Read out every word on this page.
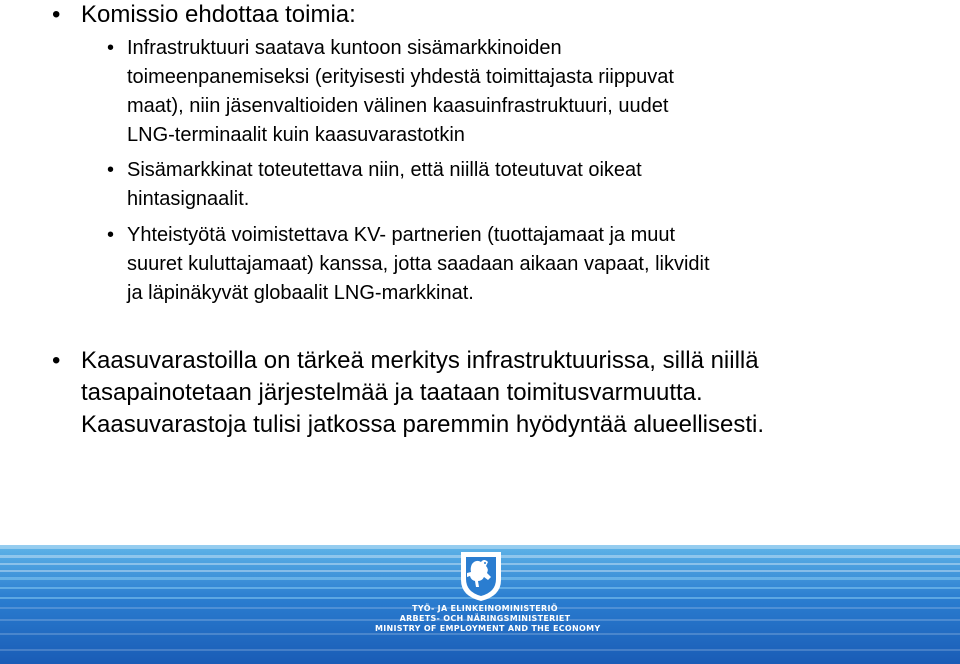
• Komissio ehdottaa toimia:
• Infrastruktuuri saatava kuntoon sisämarkkinoiden
toimeenpanemiseksi (erityisesti yhdestä toimittajasta riippuvat
maat), niin jäsenvaltioiden välinen kaasuinfrastruktuuri, uudet
LNG-terminaalit kuin kaasuvarastotkin
• Sisämarkkinat toteutettava niin, että niillä toteutuvat oikeat
hintasignaalit.
• Yhteistyötä voimistettava KV- partnerien (tuottajamaat ja muut
suuret kuluttajamaat) kanssa, jotta saadaan aikaan vapaat, likvidit
ja läpinäkyvät globaalit LNG-markkinat.
• Kaasuvarastoilla on tärkeä merkitys infrastruktuurissa, sillä niillä
tasapainotetaan järjestelmää ja taataan toimitusvarmuutta.
Kaasuvarastoja tulisi jatkossa paremmin hyödyntää alueellisesti.
TYÖ- JA ELINKEINOMINISTERIÖ
ARBETS- OCH NÄRINGSMINISTERIET
MINISTRY OF EMPLOYMENT AND THE ECONOMY
